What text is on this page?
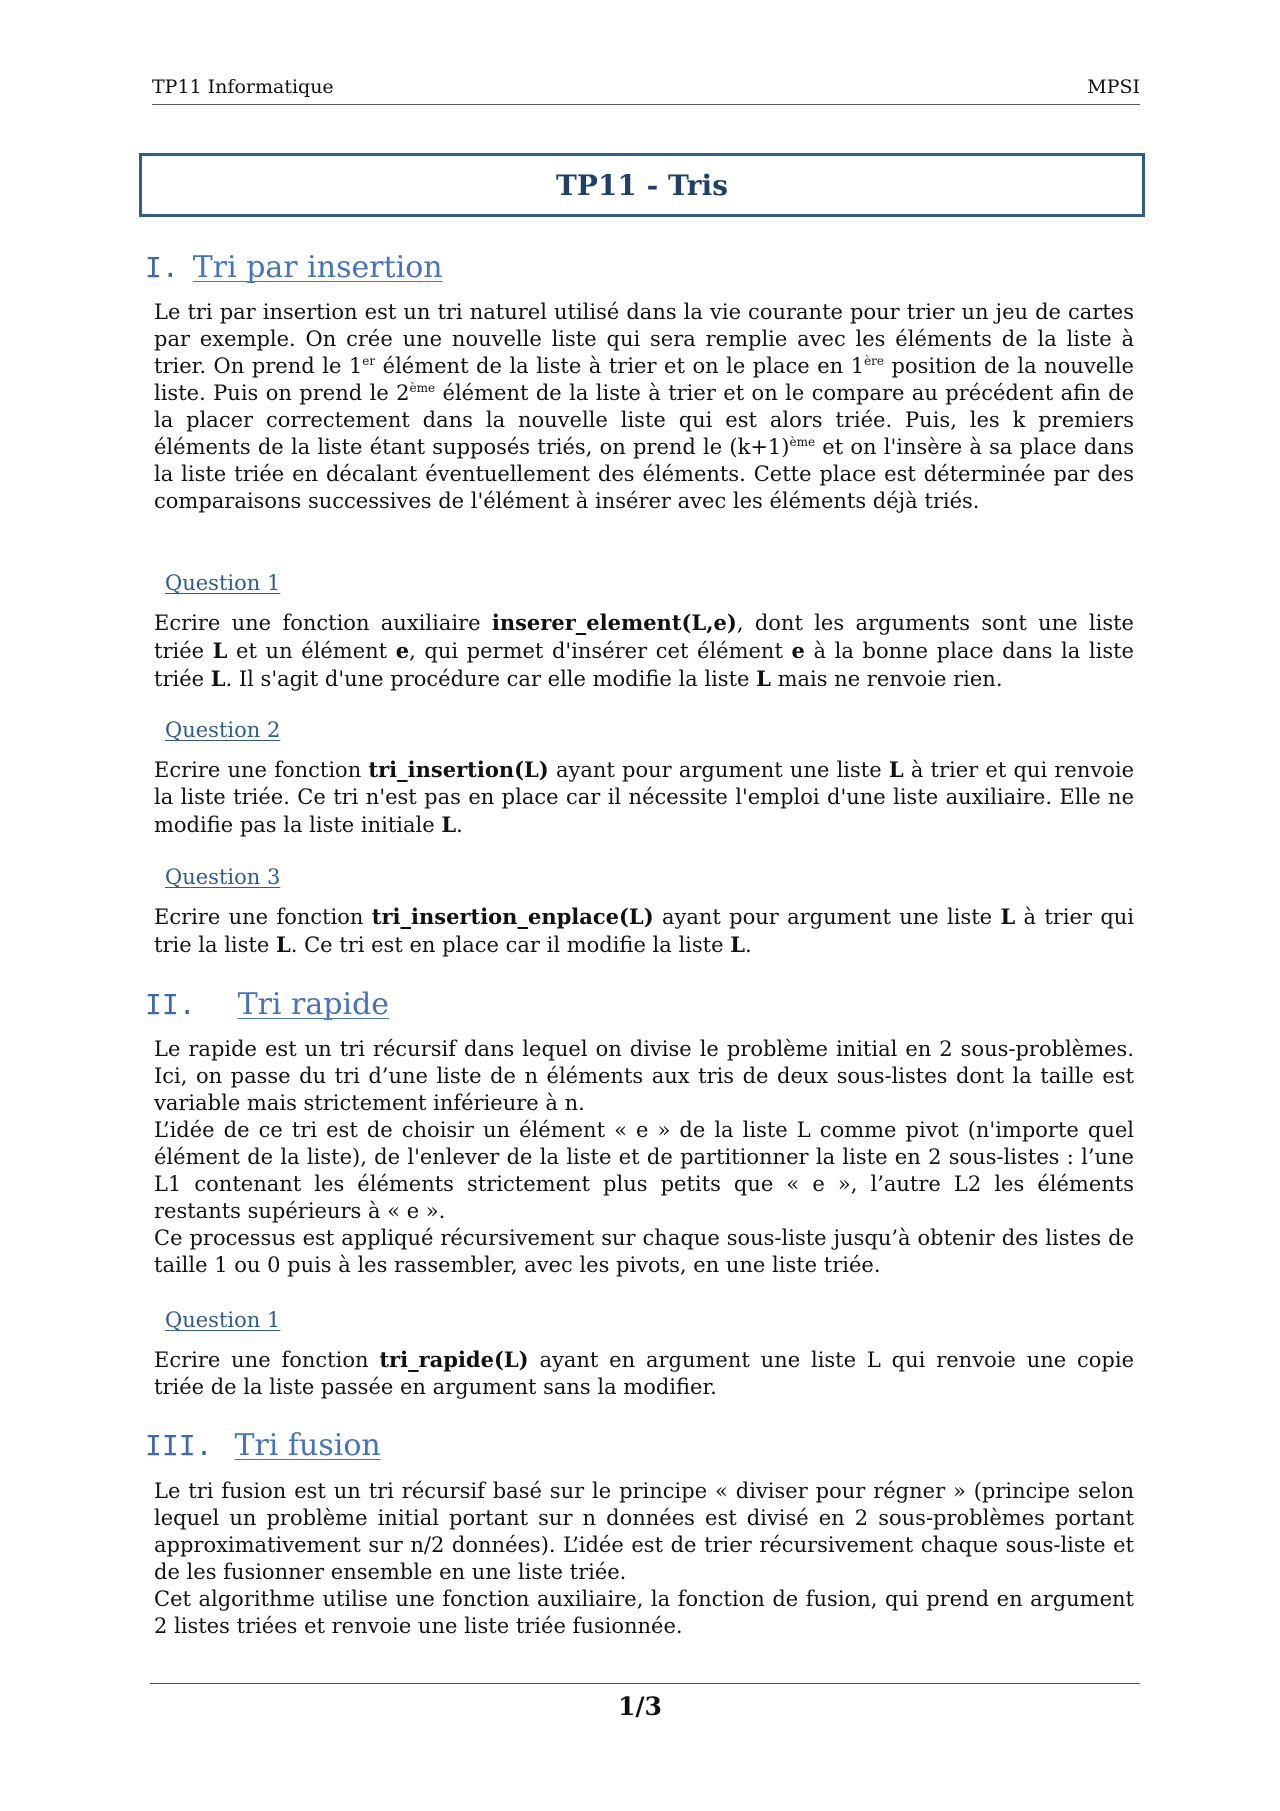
TP11 Informatique	MPSI
TP11 - Tris
I. Tri par insertion

Le tri par insertion est un tri naturel utilisé dans la vie courante pour trier un jeu de cartes par exemple. On crée une nouvelle liste qui sera remplie avec les éléments de la liste à trier. On prend le 1er élément de la liste à trier et on le place en 1ère position de la nouvelle liste. Puis on prend le 2ème élément de la liste à trier et on le compare au précédent afin de la placer correctement dans la nouvelle liste qui est alors triée. Puis, les k premiers éléments de la liste étant supposés triés, on prend le $(k+1)^{ème}$ et on l'insère à sa place dans la liste triée en décalant éventuellement des éléments. Cette place est déterminée par des comparaisons successives de l'élément à insérer avec les éléments déjà triés.

Question 1

Ecrire une fonction auxiliaire inserer_element(L,e), dont les arguments sont une liste triée L et un élément e, qui permet d'insérer cet élément e à la bonne place dans la liste triée L. Il s'agit d'une procédure car elle modifie la liste L mais ne renvoie rien.

Question 2

Ecrire une fonction tri_insertion(L) ayant pour argument une liste L à trier et qui renvoie la liste triée. Ce tri n'est pas en place car il nécessite l'emploi d'une liste auxiliaire. Elle ne modifie pas la liste initiale L.

Question 3

Ecrire une fonction tri_insertion_enplace(L) ayant pour argument une liste L à trier qui trie la liste L. Ce tri est en place car il modifie la liste L.

II. Tri rapide

Le rapide est un tri récursif dans lequel on divise le problème initial en 2 sous-problèmes. Ici, on passe du tri d’une liste de n éléments aux tris de deux sous-listes dont la taille est variable mais strictement inférieure à n.

L’idée de ce tri est de choisir un élément « e » de la liste L comme pivot (n'importe quel élément de la liste), de l'enlever de la liste et de partitionner la liste en 2 sous-listes : l’une L1 contenant les éléments strictement plus petits que « e », l’autre L2 les éléments restants supérieurs à « e ».

Ce processus est appliqué récursivement sur chaque sous-liste jusqu’à obtenir des listes de taille 1 ou 0 puis à les rassembler, avec les pivots, en une liste triée.

Question 1

Ecrire une fonction tri_rapide(L) ayant en argument une liste L qui renvoie une copie triée de la liste passée en argument sans la modifier.

III. Tri fusion

Le tri fusion est un tri récursif basé sur le principe « diviser pour régner » (principe selon lequel un problème initial portant sur n données est divisé en 2 sous-problèmes portant approximativement sur n/2 données). L’idée est de trier récursivement chaque sous-liste et de les fusionner ensemble en une liste triée.

Cet algorithme utilise une fonction auxiliaire, la fonction de fusion, qui prend en argument 2 listes triées et renvoie une liste triée fusionnée.

1/3
